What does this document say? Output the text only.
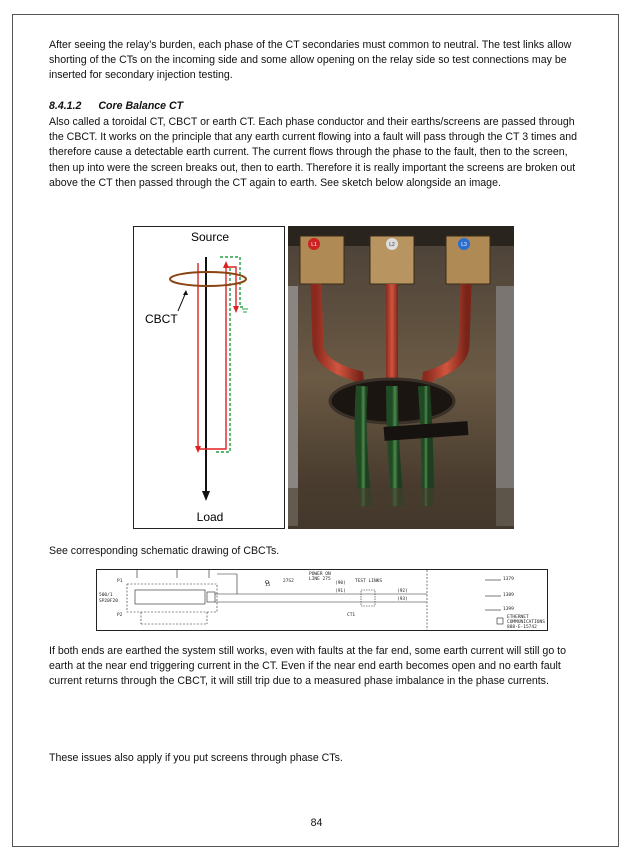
After seeing the relay’s burden, each phase of the CT secondaries must common to neutral. The test links allow shorting of the CTs on the incoming side and some allow opening on the relay side so test connections may be inserted for secondary injection testing.

8.4.1.2 Core Balance CT

Also called a toroidal CT, CBCT or earth CT. Each phase conductor and their earths/screens are passed through the CBCT. It works on the principle that any earth current flowing into a fault will pass through the CT 3 times and therefore cause a detectable earth current. The current flows through the phase to the fault, then to the screen, then up into were the screen breaks out, then to earth. Therefore it is really important the screens are broken out above the CT then passed through the CT again to earth. See sketch below alongside an image.

Source
Load
CBCT
L1	L2	L3

See corresponding schematic drawing of CBCTs.

P1
P2
500/1
SP20F20
POWER ON
LINE 275	TEST LINKS
(91)	(92)
(93)
CT1
1379
1389
1399
ETHERNET
COMMUNICATIONS
888-E-15742
27S2	(90)
15

If both ends are earthed the system still works, even with faults at the far end, some earth current will still go to earth at the near end triggering current in the CT. Even if the near end earth becomes open and no earth fault current returns through the CBCT, it will still trip due to a measured phase imbalance in the phase currents.

These issues also apply if you put screens through phase CTs.

84
